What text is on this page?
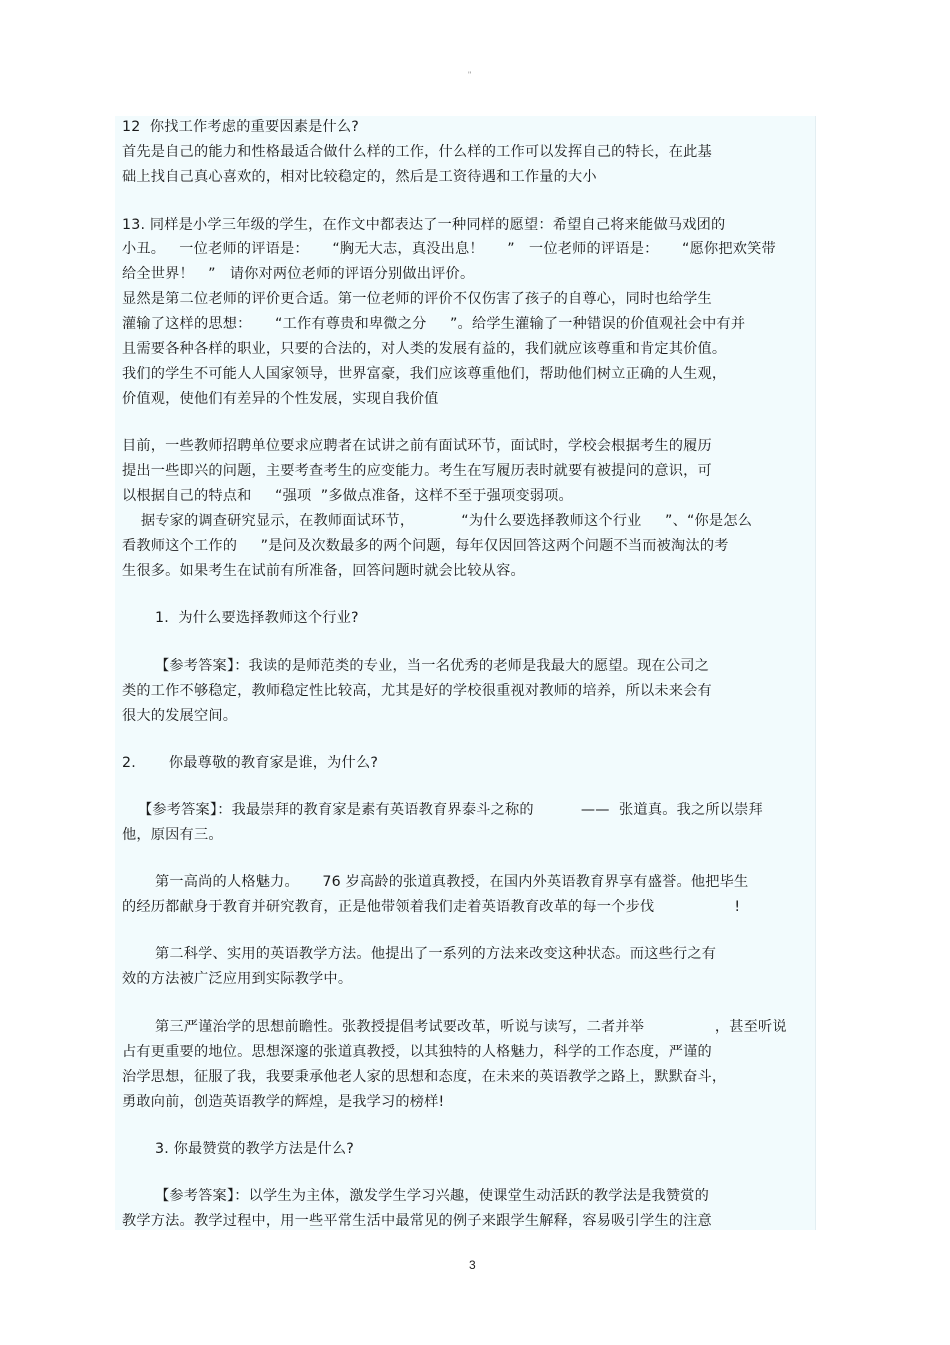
"
12  你找工作考虑的重要因素是什么?
首先是自己的能力和性格最适合做什么样的工作，什么样的工作可以发挥自己的特长，在此基
础上找自己真心喜欢的，相对比较稳定的，然后是工资待遇和工作量的大小
13. 同样是小学三年级的学生，在作文中都表达了一种同样的愿望：希望自己将来能做马戏团的
小丑。   一位老师的评语是：     “胸无大志，真没出息！     ”   一位老师的评语是：     “愿你把欢笑带
给全世界！   ”   请你对两位老师的评语分别做出评价。
显然是第二位老师的评价更合适。第一位老师的评价不仅伤害了孩子的自尊心，同时也给学生
灌输了这样的思想：     “工作有尊贵和卑微之分     ”。给学生灌输了一种错误的价值观社会中有并
且需要各种各样的职业，只要的合法的，对人类的发展有益的，我们就应该尊重和肯定其价值。
我们的学生不可能人人国家领导，世界富豪，我们应该尊重他们，帮助他们树立正确的人生观，
价值观，使他们有差异的个性发展，实现自我价值
目前，一些教师招聘单位要求应聘者在试讲之前有面试环节，面试时，学校会根据考生的履历
提出一些即兴的问题，主要考查考生的应变能力。考生在写履历表时就要有被提问的意识，可
以根据自己的特点和     “强项  ”多做点准备，这样不至于强项变弱项。
据专家的调查研究显示，在教师面试环节，          “为什么要选择教师这个行业     ”、“你是怎么
看教师这个工作的     ”是问及次数最多的两个问题，每年仅因回答这两个问题不当而被淘汰的考
生很多。如果考生在试前有所准备，回答问题时就会比较从容。
1.  为什么要选择教师这个行业?
【参考答案】：我读的是师范类的专业，当一名优秀的老师是我最大的愿望。现在公司之
类的工作不够稳定，教师稳定性比较高，尤其是好的学校很重视对教师的培养，所以未来会有
很大的发展空间。
2.       你最尊敬的教育家是谁，为什么?
【参考答案】：我最崇拜的教育家是素有英语教育界泰斗之称的          ——  张道真。我之所以崇拜
他，原因有三。
第一高尚的人格魅力。     76 岁高龄的张道真教授，在国内外英语教育界享有盛誉。他把毕生
的经历都献身于教育并研究教育，正是他带领着我们走着英语教育改革的每一个步伐                 !
第二科学、实用的英语教学方法。他提出了一系列的方法来改变这种状态。而这些行之有
效的方法被广泛应用到实际教学中。
第三严谨治学的思想前瞻性。张教授提倡考试要改革，听说与读写，二者并举               ，甚至听说
占有更重要的地位。思想深邃的张道真教授，以其独特的人格魅力，科学的工作态度，严谨的
治学思想，征服了我，我要秉承他老人家的思想和态度，在未来的英语教学之路上，默默奋斗，
勇敢向前，创造英语教学的辉煌，是我学习的榜样!
3. 你最赞赏的教学方法是什么?
【参考答案】：以学生为主体，激发学生学习兴趣，使课堂生动活跃的教学法是我赞赏的
教学方法。教学过程中，用一些平常生活中最常见的例子来跟学生解释，容易吸引学生的注意
3
